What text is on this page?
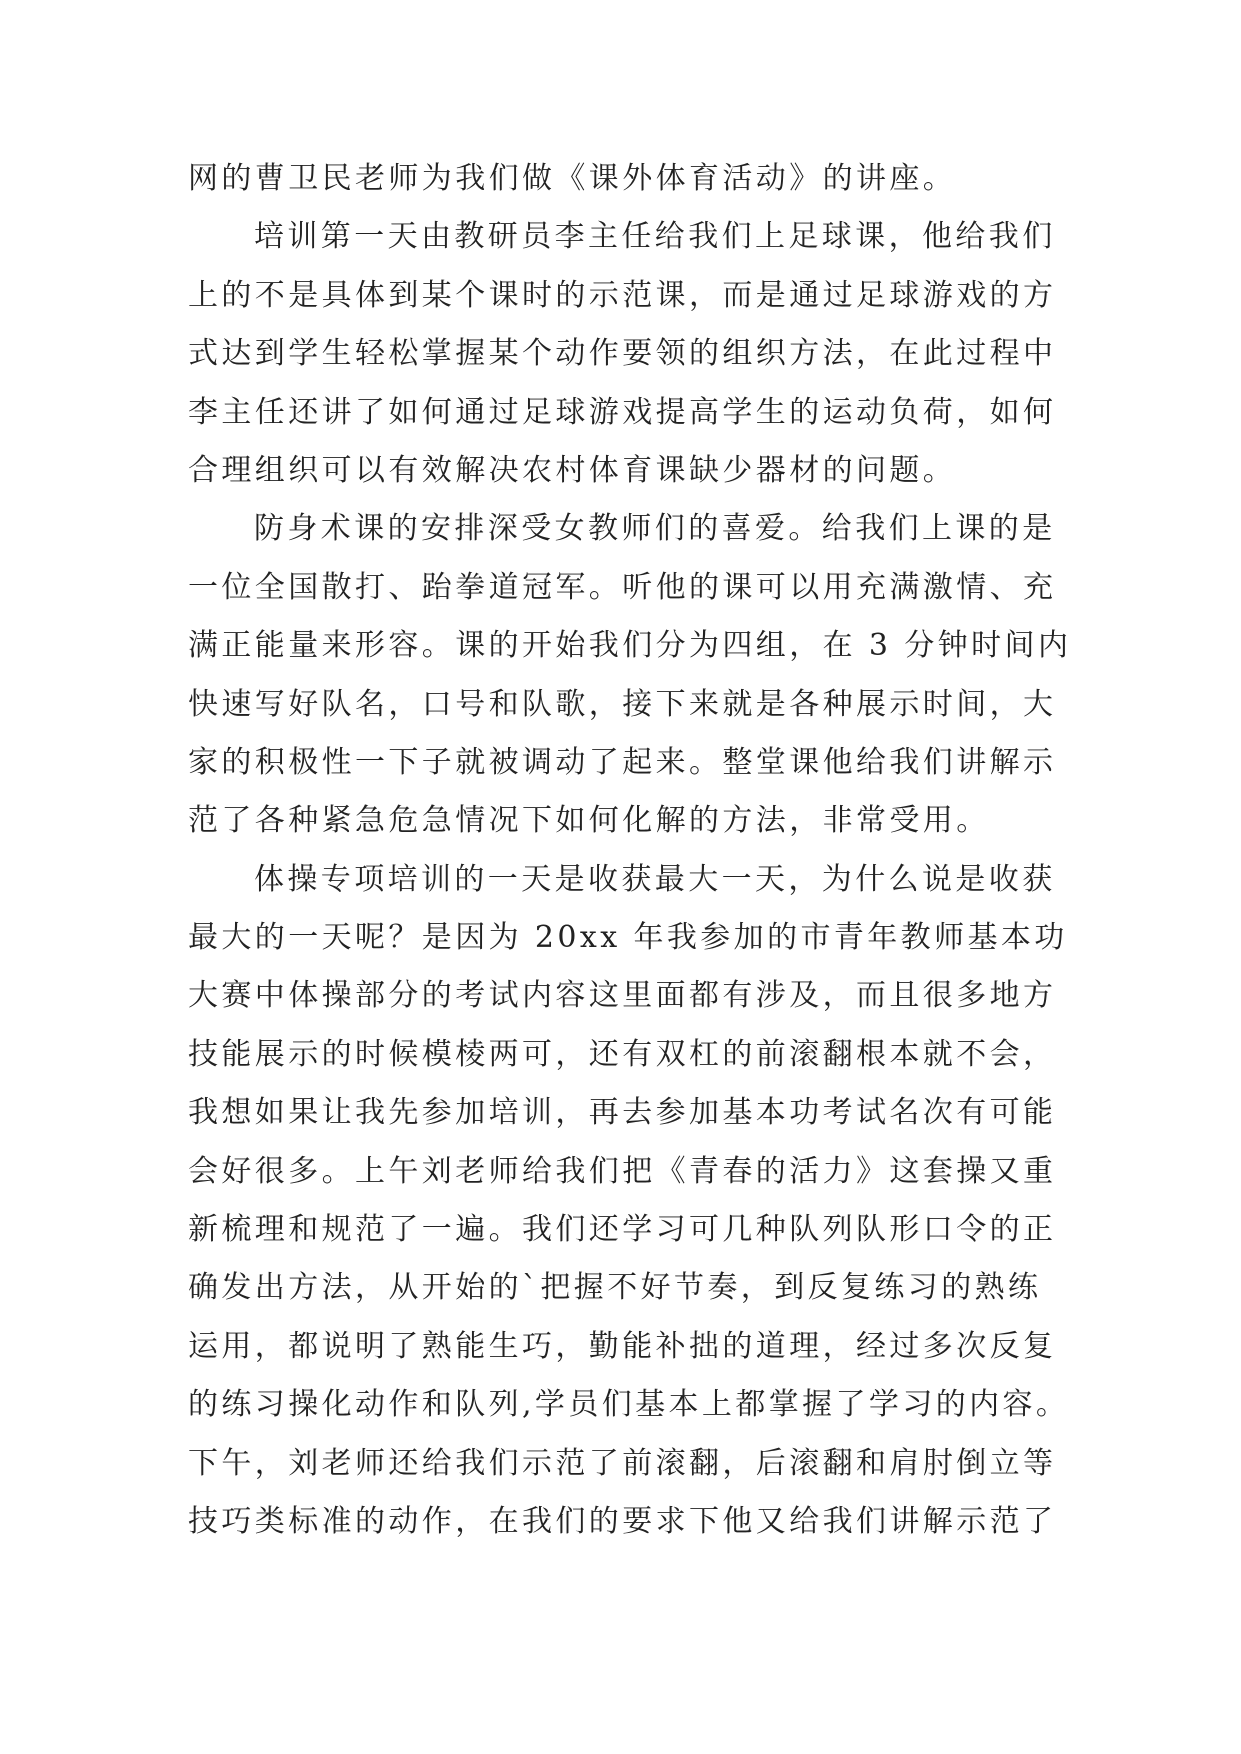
网的曹卫民老师为我们做《课外体育活动》的讲座。
培训第一天由教研员李主任给我们上足球课，他给我们
上的不是具体到某个课时的示范课，而是通过足球游戏的方
式达到学生轻松掌握某个动作要领的组织方法，在此过程中
李主任还讲了如何通过足球游戏提高学生的运动负荷，如何
合理组织可以有效解决农村体育课缺少器材的问题。
防身术课的安排深受女教师们的喜爱。给我们上课的是
一位全国散打、跆拳道冠军。听他的课可以用充满激情、充
满正能量来形容。课的开始我们分为四组，在 3 分钟时间内
快速写好队名，口号和队歌，接下来就是各种展示时间，大
家的积极性一下子就被调动了起来。整堂课他给我们讲解示
范了各种紧急危急情况下如何化解的方法，非常受用。
体操专项培训的一天是收获最大一天，为什么说是收获
最大的一天呢？是因为 20xx 年我参加的市青年教师基本功
大赛中体操部分的考试内容这里面都有涉及，而且很多地方
技能展示的时候模棱两可，还有双杠的前滚翻根本就不会，
我想如果让我先参加培训，再去参加基本功考试名次有可能
会好很多。上午刘老师给我们把《青春的活力》这套操又重
新梳理和规范了一遍。我们还学习可几种队列队形口令的正
确发出方法，从开始的`把握不好节奏，到反复练习的熟练
运用，都说明了熟能生巧，勤能补拙的道理，经过多次反复
的练习操化动作和队列,学员们基本上都掌握了学习的内容。
下午，刘老师还给我们示范了前滚翻，后滚翻和肩肘倒立等
技巧类标准的动作，在我们的要求下他又给我们讲解示范了
